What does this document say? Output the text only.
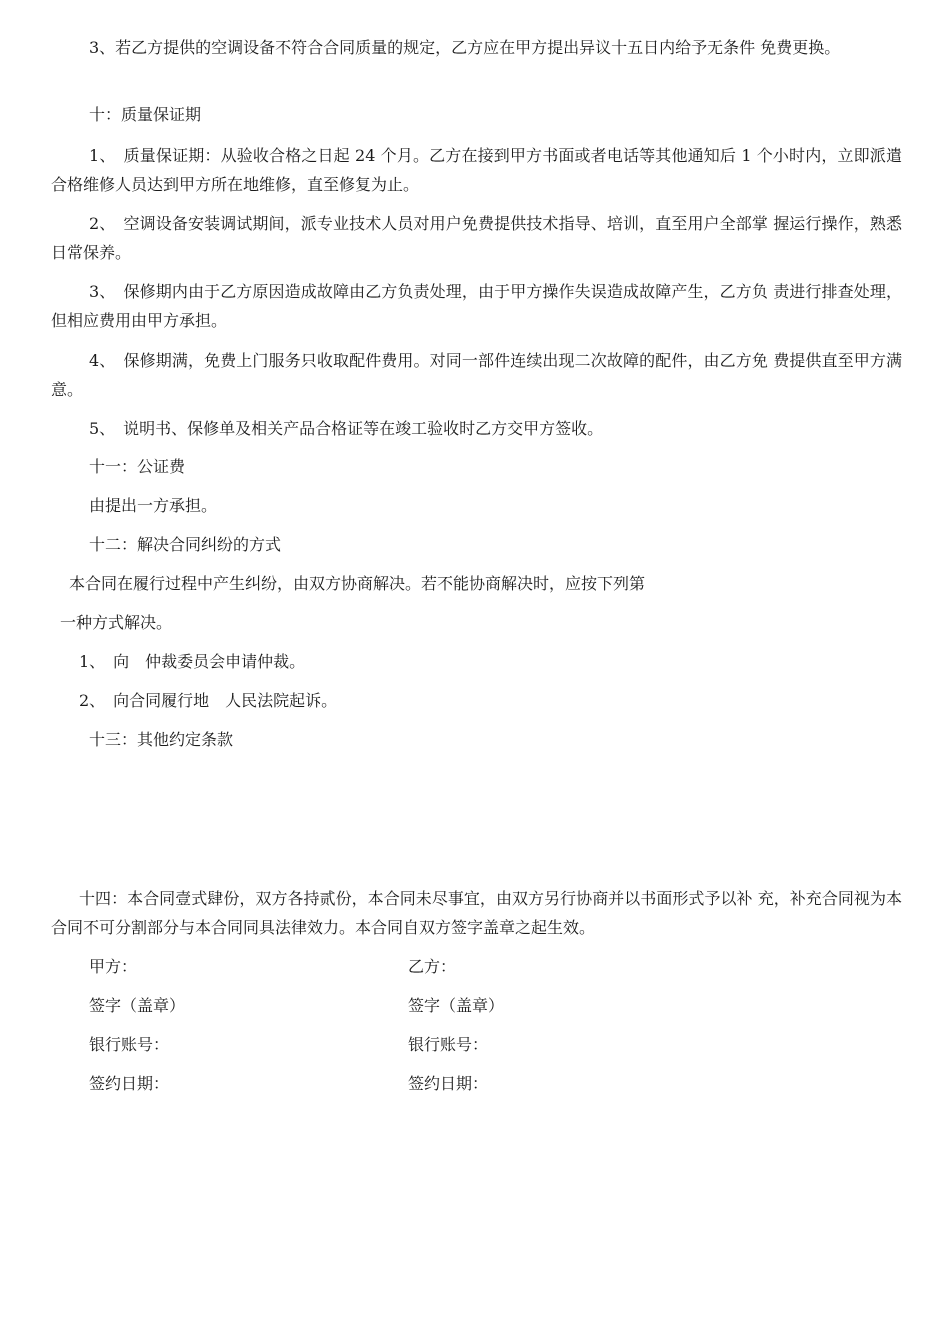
3、若乙方提供的空调设备不符合合同质量的规定，乙方应在甲方提出异议十五日内给予无条件 免费更换。

十：质量保证期

1、　质量保证期：从验收合格之日起 24 个月。乙方在接到甲方书面或者电话等其他通知后 1 个小时内，立即派遣合格维修人员达到甲方所在地维修，直至修复为止。

2、　空调设备安装调试期间，派专业技术人员对用户免费提供技术指导、培训，直至用户全部掌 握运行操作，熟悉日常保养。

3、　保修期内由于乙方原因造成故障由乙方负责处理，由于甲方操作失误造成故障产生，乙方负 责进行排查处理，但相应费用由甲方承担。

4、　保修期满，免费上门服务只收取配件费用。对同一部件连续出现二次故障的配件，由乙方免 费提供直至甲方满意。

5、　说明书、保修单及相关产品合格证等在竣工验收时乙方交甲方签收。

十一：公证费

由提出一方承担。

十二：解决合同纠纷的方式

本合同在履行过程中产生纠纷，由双方协商解决。若不能协商解决时，应按下列第

一种方式解决。

1、　向　仲裁委员会申请仲裁。

2、　向合同履行地　人民法院起诉。

十三：其他约定条款

十四：本合同壹式肆份，双方各持贰份，本合同未尽事宜，由双方另行协商并以书面形式予以补 充，补充合同视为本合同不可分割部分与本合同同具法律效力。本合同自双方签字盖章之起生效。

甲方：

签字（盖章）

银行账号：

签约日期：

乙方：

签字（盖章）

银行账号：

签约日期：
